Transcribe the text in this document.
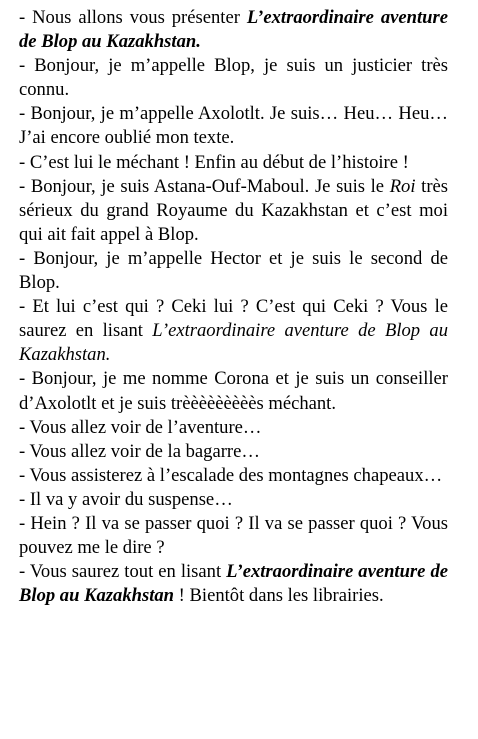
- Nous allons vous présenter L’extraordinaire aventure de Blop au Kazakhstan.

- Bonjour, je m’appelle Blop, je suis un justicier très connu.

- Bonjour, je m’appelle Axolotlt. Je suis… Heu… Heu… J’ai encore oublié mon texte.

- C’est lui le méchant ! Enfin au début de l’histoire !

- Bonjour, je suis Astana-Ouf-Maboul. Je suis le Roi très sérieux du grand Royaume du Kazakhstan et c’est moi qui ait fait appel à Blop.

- Bonjour, je m’appelle Hector et je suis le second de Blop.

- Et lui c’est qui ? Ceki lui ? C’est qui Ceki ? Vous le saurez en lisant L’extraordinaire aventure de Blop au Kazakhstan.

- Bonjour, je me nomme Corona et je suis un conseiller d’Axolotlt et je suis trèèèèèèèèès méchant.

- Vous allez voir de l’aventure…

- Vous allez voir de la bagarre…

- Vous assisterez à l’escalade des montagnes chapeaux…

- Il va y avoir du suspense…

- Hein ? Il va se passer quoi ? Il va se passer quoi ? Vous pouvez me le dire ?

- Vous saurez tout en lisant L’extraordinaire aventure de Blop au Kazakhstan ! Bientôt dans les librairies.
